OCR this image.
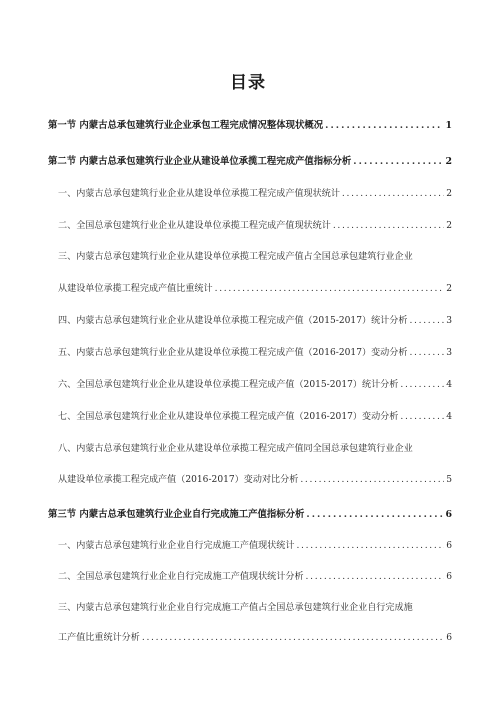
目录
第一节 内蒙古总承包建筑行业企业承包工程完成情况整体现状概况 . . .	1
第二节 内蒙古总承包建筑行业企业从建设单位承揽工程完成产值指标分析 . . .	2
一、内蒙古总承包建筑行业企业从建设单位承揽工程完成产值现状统计 . . .	2
二、全国总承包建筑行业企业从建设单位承揽工程完成产值现状统计 . . .	2
三、内蒙古总承包建筑行业企业从建设单位承揽工程完成产值占全国总承包建筑行业企业
从建设单位承揽工程完成产值比重统计 . . .	2
四、内蒙古总承包建筑行业企业从建设单位承揽工程完成产值（2015-2017）统计分析 . . .	3
五、内蒙古总承包建筑行业企业从建设单位承揽工程完成产值（2016-2017）变动分析 . . .	3
六、全国总承包建筑行业企业从建设单位承揽工程完成产值（2015-2017）统计分析 . . .	4
七、全国总承包建筑行业企业从建设单位承揽工程完成产值（2016-2017）变动分析 . . .	4
八、内蒙古总承包建筑行业企业从建设单位承揽工程完成产值同全国总承包建筑行业企业
从建设单位承揽工程完成产值（2016-2017）变动对比分析 . . .	5
第三节 内蒙古总承包建筑行业企业自行完成施工产值指标分析 . . .	6
一、内蒙古总承包建筑行业企业自行完成施工产值现状统计 . . .	6
二、全国总承包建筑行业企业自行完成施工产值现状统计分析 . . .	6
三、内蒙古总承包建筑行业企业自行完成施工产值占全国总承包建筑行业企业自行完成施
工产值比重统计分析 . . .	6
